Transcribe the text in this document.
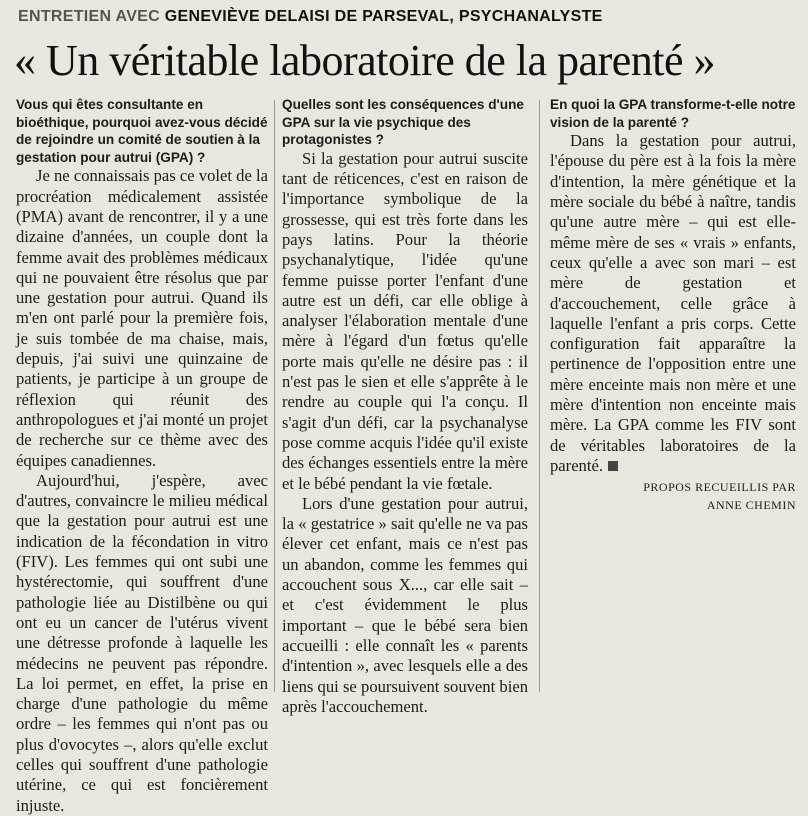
ENTRETIEN AVEC GENEVIÈVE DELAISI DE PARSEVAL, PSYCHANALYSTE
« Un véritable laboratoire de la parenté »

Vous qui êtes consultante en bioéthique, pourquoi avez-vous décidé de rejoindre un comité de soutien à la gestation pour autrui (GPA) ?

Je ne connaissais pas ce volet de la procréation médicalement assistée (PMA) avant de rencontrer, il y a une dizaine d'années, un couple dont la femme avait des problèmes médicaux qui ne pouvaient être résolus que par une gestation pour autrui. Quand ils m'en ont parlé pour la première fois, je suis tombée de ma chaise, mais, depuis, j'ai suivi une quinzaine de patients, je participe à un groupe de réflexion qui réunit des anthropologues et j'ai monté un projet de recherche sur ce thème avec des équipes canadiennes.

Aujourd'hui, j'espère, avec d'autres, convaincre le milieu médical que la gestation pour autrui est une indication de la fécondation in vitro (FIV). Les femmes qui ont subi une hystérectomie, qui souffrent d'une pathologie liée au Distilbène ou qui ont eu un cancer de l'utérus vivent une détresse profonde à laquelle les médecins ne peuvent pas répondre. La loi permet, en effet, la prise en charge d'une pathologie du même ordre – les femmes qui n'ont pas ou plus d'ovocytes –, alors qu'elle exclut celles qui souffrent d'une pathologie utérine, ce qui est foncièrement injuste.

Quelles sont les conséquences d'une GPA sur la vie psychique des protagonistes ?

Si la gestation pour autrui suscite tant de réticences, c'est en raison de l'importance symbolique de la grossesse, qui est très forte dans les pays latins. Pour la théorie psychanalytique, l'idée qu'une femme puisse porter l'enfant d'une autre est un défi, car elle oblige à analyser l'élaboration mentale d'une mère à l'égard d'un fœtus qu'elle porte mais qu'elle ne désire pas : il n'est pas le sien et elle s'apprête à le rendre au couple qui l'a conçu. Il s'agit d'un défi, car la psychanalyse pose comme acquis l'idée qu'il existe des échanges essentiels entre la mère et le bébé pendant la vie fœtale.

Lors d'une gestation pour autrui, la « gestatrice » sait qu'elle ne va pas élever cet enfant, mais ce n'est pas un abandon, comme les femmes qui accouchent sous X..., car elle sait – et c'est évidemment le plus important – que le bébé sera bien accueilli : elle connaît les « parents d'intention », avec lesquels elle a des liens qui se poursuivent souvent bien après l'accouchement.

En quoi la GPA transforme-t-elle notre vision de la parenté ?

Dans la gestation pour autrui, l'épouse du père est à la fois la mère d'intention, la mère génétique et la mère sociale du bébé à naître, tandis qu'une autre mère – qui est elle-même mère de ses « vrais » enfants, ceux qu'elle a avec son mari – est mère de gestation et d'accouchement, celle grâce à laquelle l'enfant a pris corps. Cette configuration fait apparaître la pertinence de l'opposition entre une mère enceinte mais non mère et une mère d'intention non enceinte mais mère. La GPA comme les FIV sont de véritables laboratoires de la parenté.

PROPOS RECUEILLIS PAR
ANNE CHEMIN
